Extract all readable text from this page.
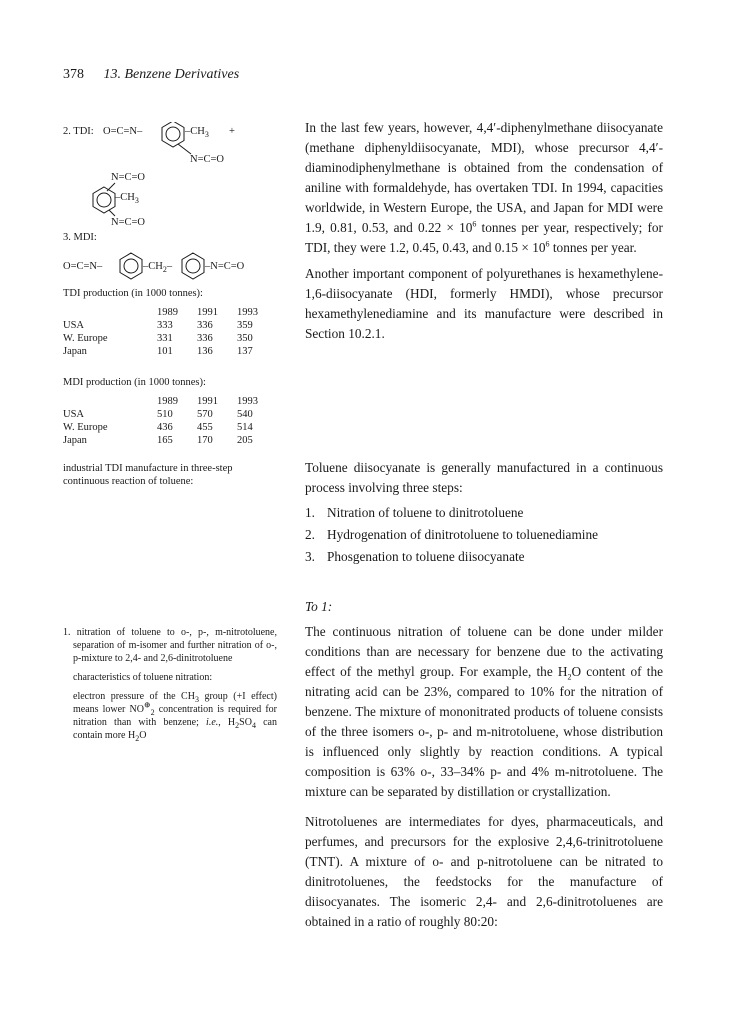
378 13. Benzene Derivatives
2. TDI: O=C=N–	$-CH_3$ +
N=C=O
N=C=O
$-CH_3$
N=C=O
3. MDI:
O=C=N–	$-CH_2-$	–N=C=O
TDI production (in 1000 tonnes):
	1989	1991	1993
USA	333	336	359
W. Europe	331	336	350
Japan	101	136	137
MDI production (in 1000 tonnes):
	1989	1991	1993
USA	510	570	540
W. Europe	436	455	514
Japan	165	170	205

In the last few years, however, 4,4′-diphenylmethane diisocyanate (methane diphenyldiisocyanate, MDI), whose precursor 4,4′-diaminodiphenylmethane is obtained from the condensation of aniline with formaldehyde, has overtaken TDI. In 1994, capacities worldwide, in Western Europe, the USA, and Japan for MDI were 1.9, 0.81, 0.53, and $0.22 \times 10^6$ tonnes per year, respectively; for TDI, they were 1.2, 0.45, 0.43, and $0.15 \times 10^6$ tonnes per year.

Another important component of polyurethanes is hexamethylene-1,6-diisocyanate (HDI, formerly HMDI), whose precursor hexamethylenediamine and its manufacture were described in Section 10.2.1.

industrial TDI manufacture in three-step continuous reaction of toluene:

Toluene diisocyanate is generally manufactured in a continuous process involving three steps:

1. Nitration of toluene to dinitrotoluene
2. Hydrogenation of dinitrotoluene to toluenediamine
3. Phosgenation to toluene diisocyanate
To 1:
1. nitration of toluene to o-, p-, m-nitrotoluene, separation of m-isomer and further nitration of o-, p-mixture to 2,4- and 2,6-dinitrotoluene
characteristics of toluene nitration:
electron pressure of the $CH_3$ group (+I effect) means lower $NO^\oplus_2$ concentration is required for nitration than with benzene; i.e., $H_2SO_4$ can contain more $H_2O$

The continuous nitration of toluene can be done under milder conditions than are necessary for benzene due to the activating effect of the methyl group. For example, the $H_2O$ content of the nitrating acid can be 23%, compared to 10% for the nitration of benzene. The mixture of mononitrated products of toluene consists of the three isomers o-, p- and m-nitrotoluene, whose distribution is influenced only slightly by reaction conditions. A typical composition is 63% o-, 33–34% p- and 4% m-nitrotoluene. The mixture can be separated by distillation or crystallization.

Nitrotoluenes are intermediates for dyes, pharmaceuticals, and perfumes, and precursors for the explosive 2,4,6-trinitrotoluene (TNT). A mixture of o- and p-nitrotoluene can be nitrated to dinitrotoluenes, the feedstocks for the manufacture of diisocyanates. The isomeric 2,4- and 2,6-dinitrotoluenes are obtained in a ratio of roughly 80:20:
